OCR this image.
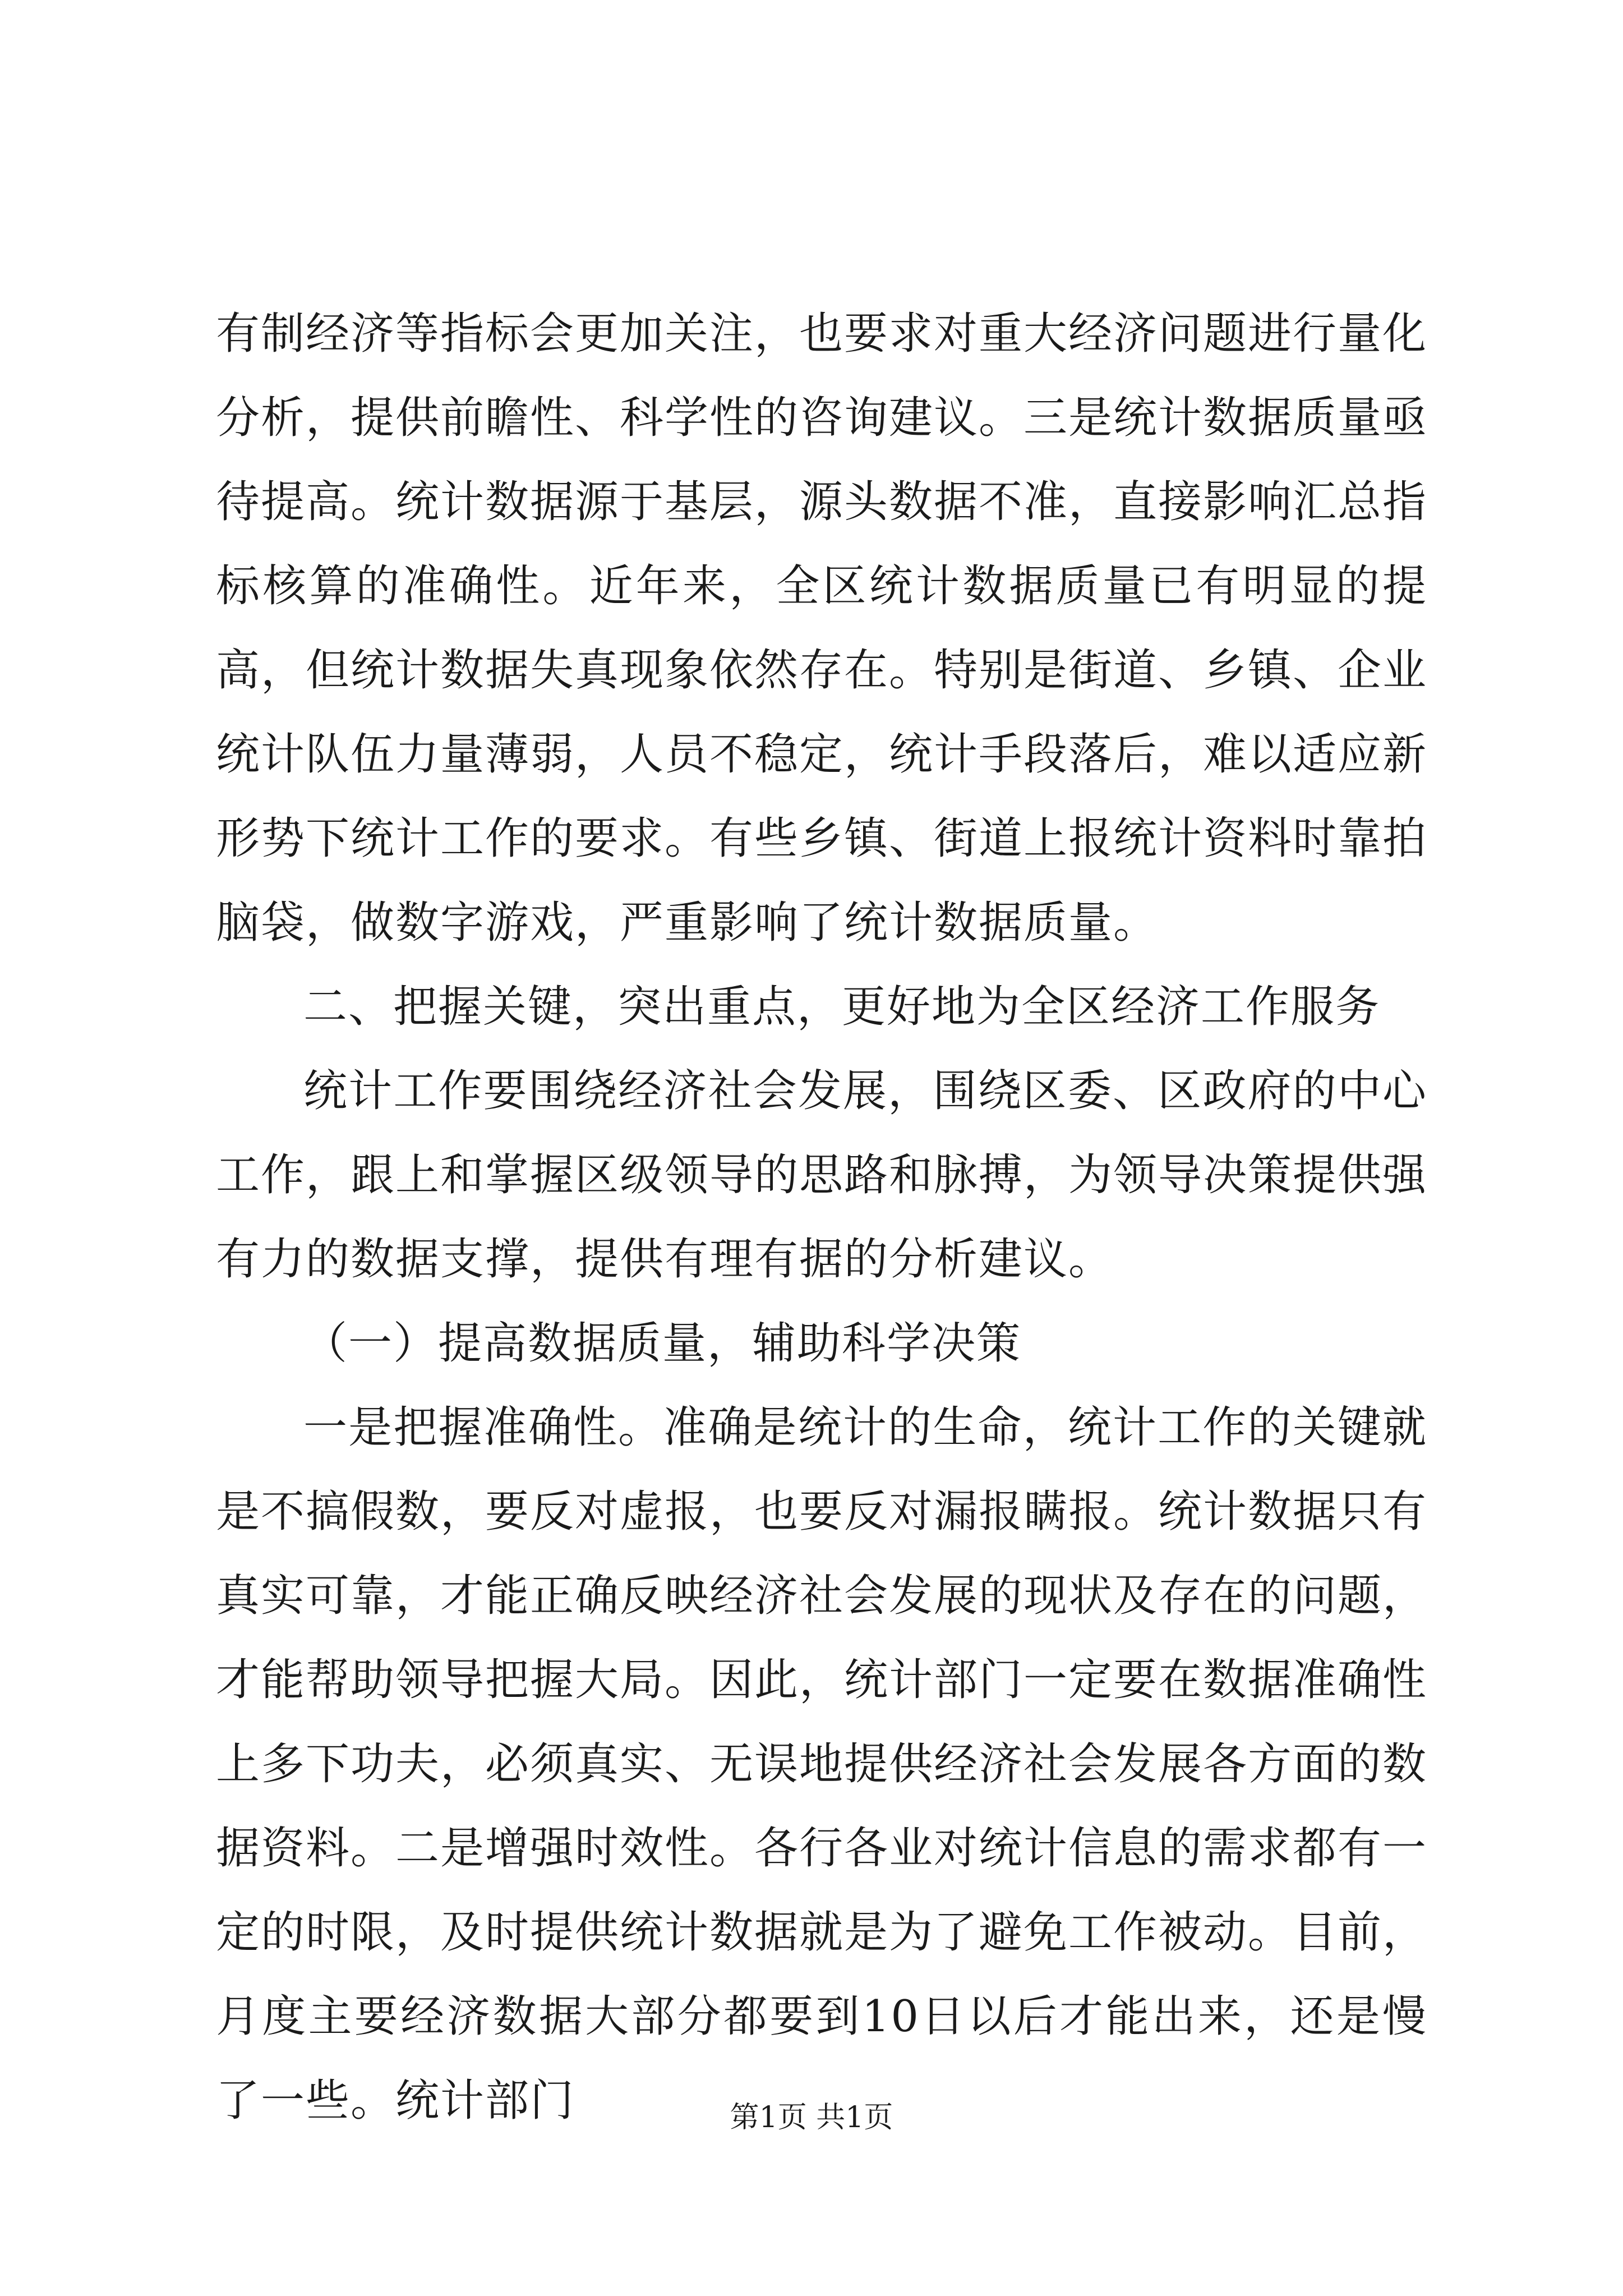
有制经济等指标会更加关注，也要求对重大经济问题进行量化分析，提供前瞻性、科学性的咨询建议。三是统计数据质量亟待提高。统计数据源于基层，源头数据不准，直接影响汇总指标核算的准确性。近年来，全区统计数据质量已有明显的提高，但统计数据失真现象依然存在。特别是街道、乡镇、企业统计队伍力量薄弱，人员不稳定，统计手段落后，难以适应新形势下统计工作的要求。有些乡镇、街道上报统计资料时靠拍脑袋，做数字游戏，严重影响了统计数据质量。

二、把握关键，突出重点，更好地为全区经济工作服务

统计工作要围绕经济社会发展，围绕区委、区政府的中心工作，跟上和掌握区级领导的思路和脉搏，为领导决策提供强有力的数据支撑，提供有理有据的分析建议。

（一）提高数据质量，辅助科学决策

一是把握准确性。准确是统计的生命，统计工作的关键就是不搞假数，要反对虚报，也要反对漏报瞒报。统计数据只有真实可靠，才能正确反映经济社会发展的现状及存在的问题，才能帮助领导把握大局。因此，统计部门一定要在数据准确性上多下功夫，必须真实、无误地提供经济社会发展各方面的数据资料。二是增强时效性。各行各业对统计信息的需求都有一定的时限，及时提供统计数据就是为了避免工作被动。目前，月度主要经济数据大部分都要到10日以后才能出来，还是慢了一些。统计部门	第1页 共1页
